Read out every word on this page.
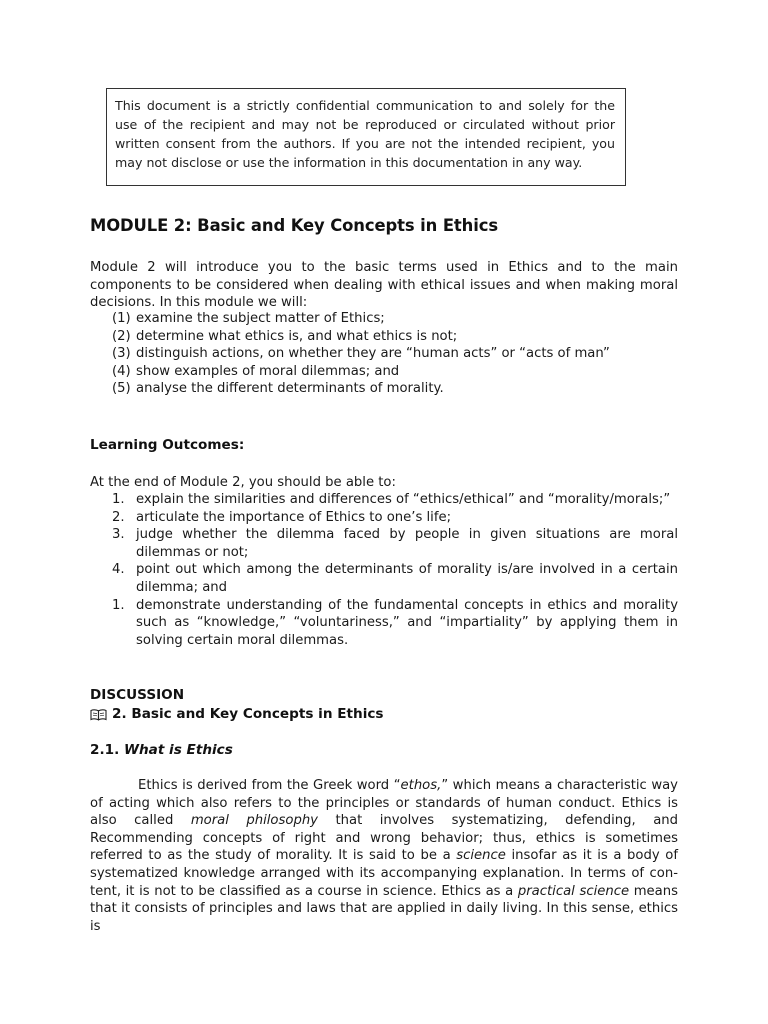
This document is a strictly confidential communication to and solely for the use of the recipient and may not be reproduced or circulated without prior written consent from the authors. If you are not the intended recipient, you may not disclose or use the information in this documentation in any way.
MODULE 2: Basic and Key Concepts in Ethics
Module 2 will introduce you to the basic terms used in Ethics and to the main components to be considered when dealing with ethical issues and when making moral decisions. In this module we will:
(1) examine the subject matter of Ethics;
(2) determine what ethics is, and what ethics is not;
(3) distinguish actions, on whether they are “human acts” or “acts of man”
(4) show examples of moral dilemmas; and
(5) analyse the different determinants of morality.
Learning Outcomes:
At the end of Module 2, you should be able to:
1. explain the similarities and differences of “ethics/ethical” and “morality/morals;”
2. articulate the importance of Ethics to one’s life;
3. judge whether the dilemma faced by people in given situations are moral dilemmas or not;
4. point out which among the determinants of morality is/are involved in a certain dilemma; and
1. demonstrate understanding of the fundamental concepts in ethics and morality such as “knowledge,” “voluntariness,” and “impartiality” by applying them in solving certain moral dilemmas.
DISCUSSION
2. Basic and Key Concepts in Ethics
2.1. What is Ethics
Ethics is derived from the Greek word “ethos,” which means a characteristic way of acting which also refers to the principles or standards of human conduct. Ethics is also called moral philosophy that involves systematizing, defending, and Recommending concepts of right and wrong behavior; thus, ethics is sometimes referred to as the study of morality. It is said to be a science insofar as it is a body of systematized knowledge arranged with its accompanying explanation. In terms of con-tent, it is not to be classified as a course in science. Ethics as a practical science means that it consists of principles and laws that are applied in daily living. In this sense, ethics is
